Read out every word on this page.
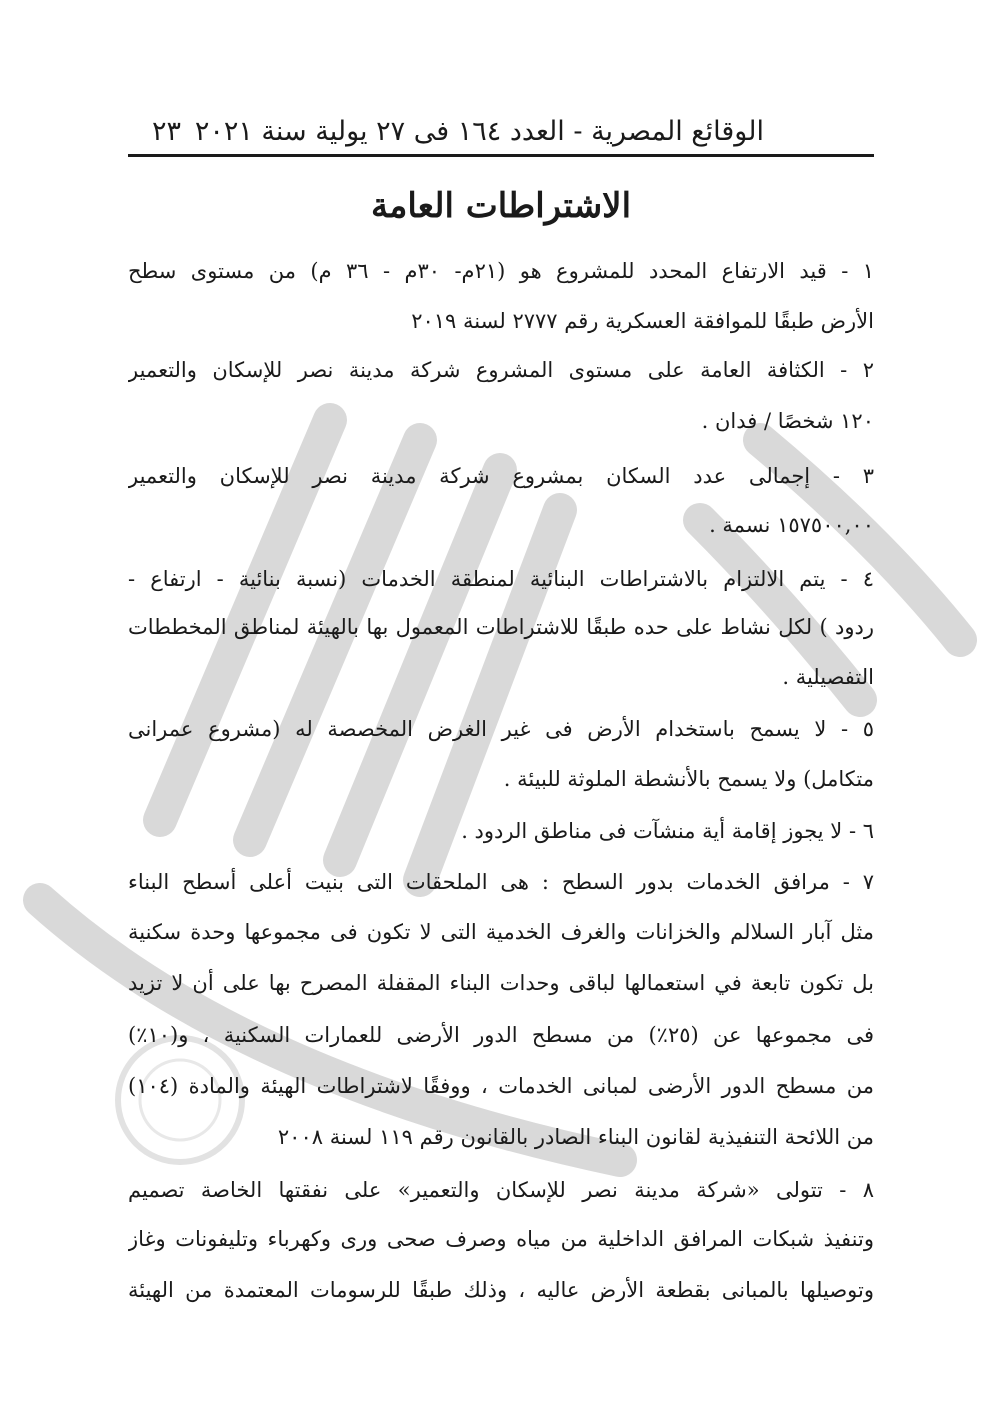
الوقائع المصرية - العدد ١٦٤ فى ٢٧ يولية سنة ٢٠٢١
٢٣
الاشتراطات العامة
١ - قيد الارتفاع المحدد للمشروع هو (٢١م- ٣٠م - ٣٦ م) من مستوى سطح
الأرض طبقًا للموافقة العسكرية رقم ٢٧٧٧ لسنة ٢٠١٩
٢ - الكثافة العامة على مستوى المشروع شركة مدينة نصر للإسكان والتعمير
١٢٠ شخصًا / فدان .
٣ - إجمالى عدد السكان بمشروع شركة مدينة نصر للإسكان والتعمير
١٥٧٥٠٠,٠٠ نسمة .
٤ - يتم الالتزام بالاشتراطات البنائية لمنطقة الخدمات (نسبة بنائية - ارتفاع -
ردود ) لكل نشاط على حده طبقًا للاشتراطات المعمول بها بالهيئة لمناطق المخططات
التفصيلية .
٥ - لا يسمح باستخدام الأرض فى غير الغرض المخصصة له (مشروع عمرانى
متكامل) ولا يسمح بالأنشطة الملوثة للبيئة .
٦ - لا يجوز إقامة أية منشآت فى مناطق الردود .
٧ - مرافق الخدمات بدور السطح : هى الملحقات التى بنيت أعلى أسطح البناء
مثل آبار السلالم والخزانات والغرف الخدمية التى لا تكون فى مجموعها وحدة سكنية
بل تكون تابعة في استعمالها لباقى وحدات البناء المقفلة المصرح بها على أن لا تزيد
فى مجموعها عن (٢٥٪) من مسطح الدور الأرضى للعمارات السكنية ، و(١٠٪)
من مسطح الدور الأرضى لمبانى الخدمات ، ووفقًا لاشتراطات الهيئة والمادة (١٠٤)
من اللائحة التنفيذية لقانون البناء الصادر بالقانون رقم ١١٩ لسنة ٢٠٠٨
٨ - تتولى «شركة مدينة نصر للإسكان والتعمير» على نفقتها الخاصة تصميم
وتنفيذ شبكات المرافق الداخلية من مياه وصرف صحى ورى وكهرباء وتليفونات وغاز
وتوصيلها بالمبانى بقطعة الأرض عاليه ، وذلك طبقًا للرسومات المعتمدة من الهيئة
